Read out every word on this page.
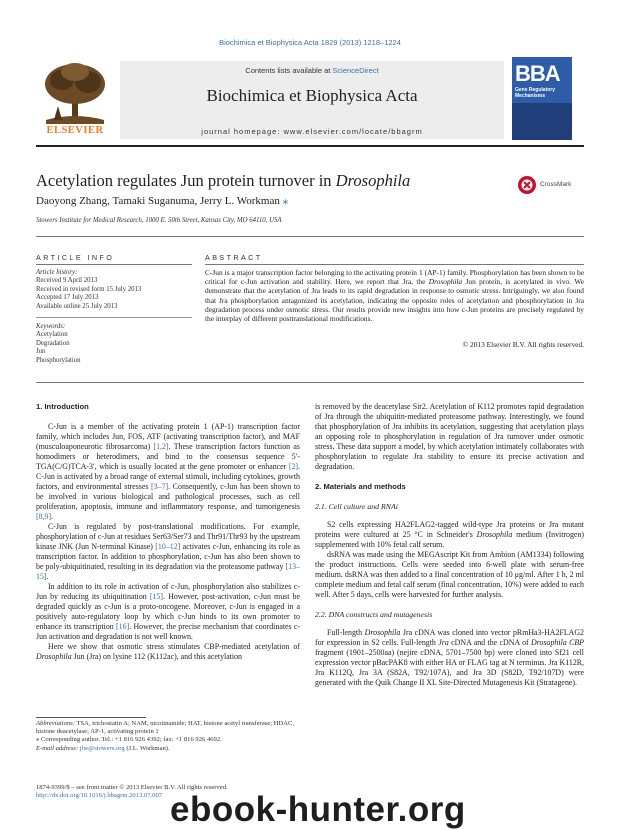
Biochimica et Biophysica Acta 1829 (2013) 1218–1224
Contents lists available at ScienceDirect
Biochimica et Biophysica Acta
journal homepage: www.elsevier.com/locate/bbagrm
ELSEVIER
BBA
Gene Regulatory Mechanisms
Acetylation regulates Jun protein turnover in Drosophila	CrossMark
Daoyong Zhang, Tamaki Suganuma, Jerry L. Workman ⁎
Stowers Institute for Medical Research, 1000 E. 50th Street, Kansas City, MO 64110, USA
ARTICLE INFO	ABSTRACT
Article history:
Received 9 April 2013
Received in revised form 15 July 2013
Accepted 17 July 2013
Available online 25 July 2013
Keywords:
Acetylation
Degradation
Jun
Phosphorylation
C-Jun is a major transcription factor belonging to the activating protein 1 (AP-1) family. Phosphorylation has been shown to be critical for c-Jun activation and stability. Here, we report that Jra, the Drosophila Jun protein, is acetylated in vivo. We demonstrate that the acetylation of Jra leads to its rapid degradation in response to osmotic stress. Intriguingly, we also found that Jra phosphorylation antagonized its acetylation, indicating the opposite roles of acetylation and phosphorylation in Jra degradation process under osmotic stress. Our results provide new insights into how c-Jun proteins are precisely regulated by the interplay of different posttranslational modifications.
© 2013 Elsevier B.V. All rights reserved.
1. Introduction

C-Jun is a member of the activating protein 1 (AP-1) transcription factor family, which includes Jun, FOS, ATF (activating transcription factor), and MAF (musculoaponeurotic fibrosarcoma) [1,2]. These transcription factors function as homodimers or heterodimers, and bind to the consensus sequence 5′-TGA(C/G)TCA-3′, which is usually located at the gene promoter or enhancer [2]. C-Jun is activated by a broad range of external stimuli, including cytokines, growth factors, and environmental stresses [3–7]. Consequently, c-Jun has been shown to be involved in various biological and pathological processes, such as cell proliferation, apoptosis, immune and inflammatory response, and tumorigenesis [8,9].

C-Jun is regulated by post-translational modifications. For example, phosphorylation of c-Jun at residues Ser63/Ser73 and Thr91/Thr93 by the upstream kinase JNK (Jun N-terminal Kinase) [10–12] activates c-Jun, enhancing its role as transcription factor. In addition to phosphorylation, c-Jun has also been shown to be poly-ubiquitinated, resulting in its degradation via the proteasome pathway [13–15].

In addition to its role in activation of c-Jun, phosphorylation also stabilizes c-Jun by reducing its ubiquitination [15]. However, post-activation, c-Jun must be degraded quickly as c-Jun is a proto-oncogene. Moreover, c-Jun is engaged in a positively auto-regulatory loop by which c-Jun binds to its own promoter to enhance its transcription [16]. However, the precise mechanism that coordinates c-Jun activation and degradation is not well known.

Here we show that osmotic stress stimulates CBP-mediated acetylation of Drosophila Jun (Jra) on lysine 112 (K112ac), and this acetylation

is removed by the deacetylase Sir2. Acetylation of K112 promotes rapid degradation of Jra through the ubiquitin-mediated proteasome pathway. Interestingly, we found that phosphorylation of Jra inhibits its acetylation, suggesting that acetylation plays an opposing role to phosphorylation in regulation of Jra turnover under osmotic stress. These data support a model, by which acetylation intimately collaborates with phosphorylation to regulate Jra stability to ensure its precise activation and degradation.

2. Materials and methods
2.1. Cell culture and RNAi

S2 cells expressing HA2FLAG2-tagged wild-type Jra proteins or Jra mutant proteins were cultured at 25 °C in Schneider's Drosophila medium (Invitrogen) supplemented with 10% fetal calf serum.

dsRNA was made using the MEGAscript Kit from Ambion (AM1334) following the product instructions. Cells were seeded into 6-well plate with serum-free medium. dsRNA was then added to a final concentration of 10 μg/ml. After 1 h, 2 ml complete medium and fetal calf serum (final concentration, 10%) were added to each well. After 5 days, cells were harvested for further analysis.

2.2. DNA constructs and mutagenesis

Full-length Drosophila Jra cDNA was cloned into vector pRmHa3-HA2FLAG2 for expression in S2 cells. Full-length Jra cDNA and the cDNA of Drosophila CBP fragment (1901–2500aa) (nejire cDNA, 5701–7500 bp) were cloned into Sf21 cell expression vector pBacPAK8 with either HA or FLAG tag at N terminus. Jra K112R, Jra K112Q, Jra 3A (S82A, T92/107A), and Jra 3D (S82D, T92/107D) were generated with the Quik Change II XL Site-Directed Mutagenesis Kit (Stratagene).

Abbreviations: TSA, trichostatin A; NAM, nicotinamide; HAT, histone acetyl transferase; HDAC, histone deacetylase; AP-1, activating protein 1
⁎ Corresponding author. Tel.: +1 816 926 4392; fax: +1 816 926 4692.
E-mail address: jlw@stowers.org (J.L. Workman).
1874-9399/$ – see front matter © 2013 Elsevier B.V. All rights reserved.
http://dx.doi.org/10.1016/j.bbagrm.2013.07.007 ebook-hunter.org
